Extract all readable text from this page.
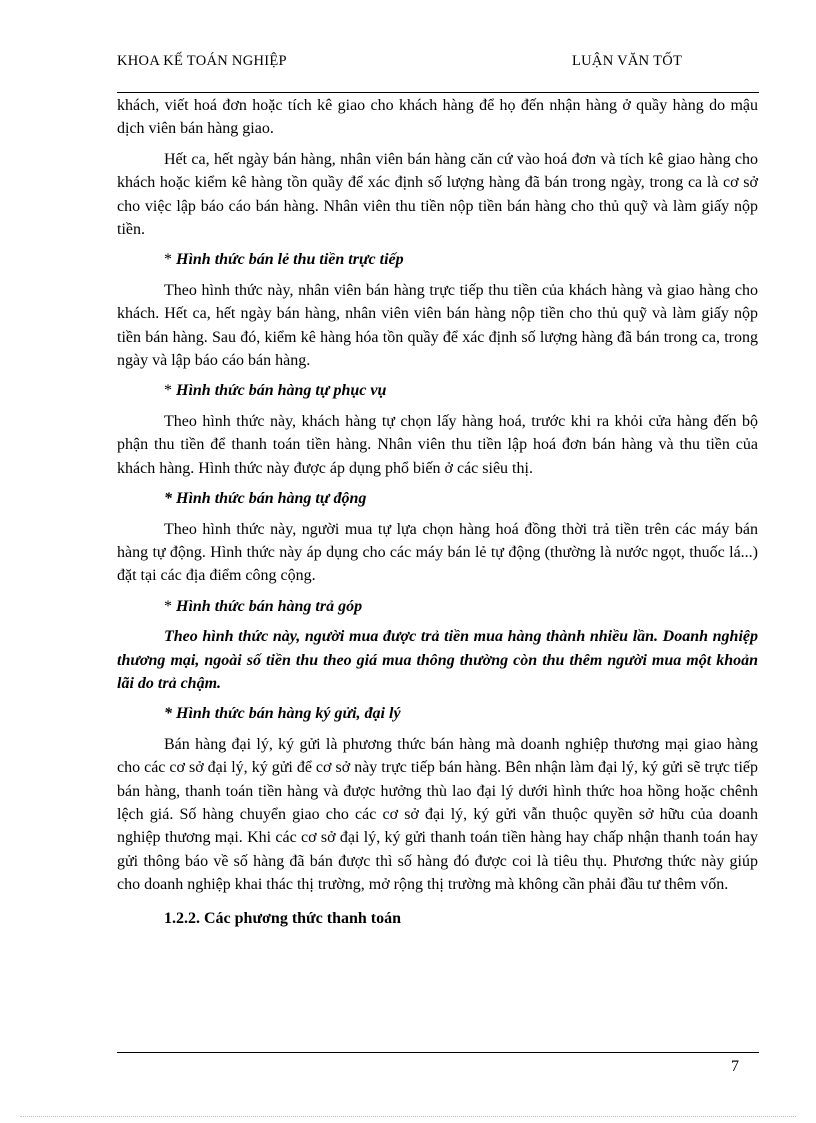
KHOA KẾ TOÁN NGHIỆP	LUẬN VĂN TỐT

khách, viết hoá đơn hoặc tích kê giao cho khách hàng để họ đến nhận hàng ở quầy hàng do mậu dịch viên bán hàng giao.

Hết ca, hết ngày bán hàng, nhân viên bán hàng căn cứ vào hoá đơn và tích kê giao hàng cho khách hoặc kiểm kê hàng tồn quầy để xác định số lượng hàng đã bán trong ngày, trong ca là cơ sở cho việc lập báo cáo bán hàng. Nhân viên thu tiền nộp tiền bán hàng cho thủ quỹ và làm giấy nộp tiền.

* Hình thức bán lẻ thu tiền trực tiếp

Theo hình thức này, nhân viên bán hàng trực tiếp thu tiền của khách hàng và giao hàng cho khách. Hết ca, hết ngày bán hàng, nhân viên viên bán hàng nộp tiền cho thủ quỹ và làm giấy nộp tiền bán hàng. Sau đó, kiểm kê hàng hóa tồn quầy để xác định số lượng hàng đã bán trong ca, trong ngày và lập báo cáo bán hàng.

* Hình thức bán hàng tự phục vụ

Theo hình thức này, khách hàng tự chọn lấy hàng hoá, trước khi ra khỏi cửa hàng đến bộ phận thu tiền để thanh toán tiền hàng. Nhân viên thu tiền lập hoá đơn bán hàng và thu tiền của khách hàng. Hình thức này được áp dụng phổ biến ở các siêu thị.

* Hình thức bán hàng tự động

Theo hình thức này, người mua tự lựa chọn hàng hoá đồng thời trả tiền trên các máy bán hàng tự động. Hình thức này áp dụng cho các máy bán lẻ tự động (thường là nước ngọt, thuốc lá...) đặt tại các địa điểm công cộng.

* Hình thức bán hàng trả góp

Theo hình thức này, người mua được trả tiền mua hàng thành nhiều lần. Doanh nghiệp thương mại, ngoài số tiền thu theo giá mua thông thường còn thu thêm người mua một khoản lãi do trả chậm.

* Hình thức bán hàng ký gửi, đại lý

Bán hàng đại lý, ký gửi là phương thức bán hàng mà doanh nghiệp thương mại giao hàng cho các cơ sở đại lý, ký gửi để cơ sở này trực tiếp bán hàng. Bên nhận làm đại lý, ký gửi sẽ trực tiếp bán hàng, thanh toán tiền hàng và được hưởng thù lao đại lý dưới hình thức hoa hồng hoặc chênh lệch giá. Số hàng chuyển giao cho các cơ sở đại lý, ký gửi vẫn thuộc quyền sở hữu của doanh nghiệp thương mại. Khi các cơ sở đại lý, ký gửi thanh toán tiền hàng hay chấp nhận thanh toán hay gửi thông báo về số hàng đã bán được thì số hàng đó được coi là tiêu thụ. Phương thức này giúp cho doanh nghiệp khai thác thị trường, mở rộng thị trường mà không cần phải đầu tư thêm vốn.

1.2.2. Các phương thức thanh toán

7
